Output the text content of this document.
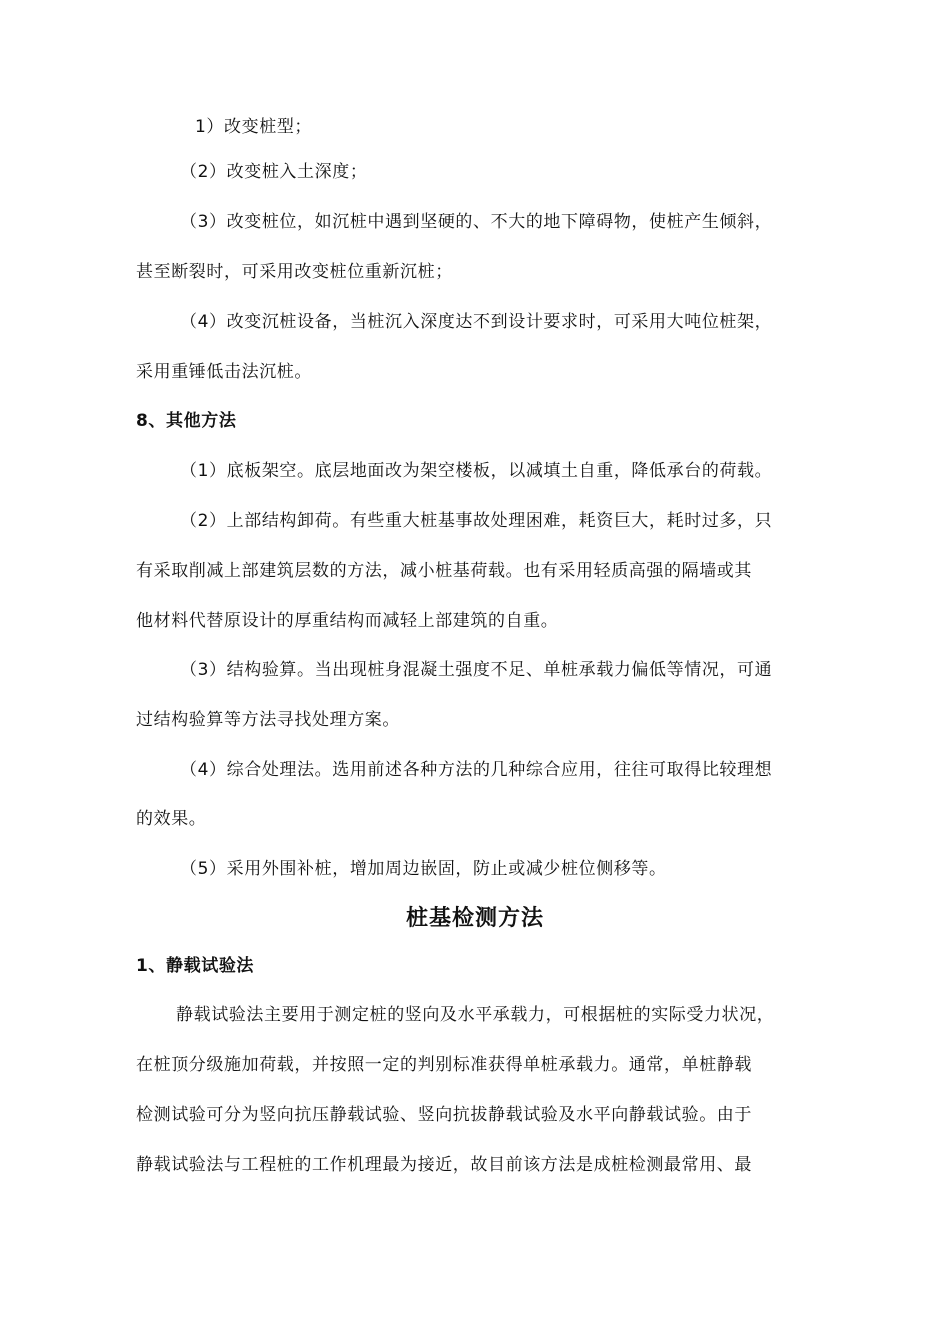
1）改变桩型；
（2）改变桩入土深度；
（3）改变桩位，如沉桩中遇到坚硬的、不大的地下障碍物，使桩产生倾斜，
甚至断裂时，可采用改变桩位重新沉桩；
（4）改变沉桩设备，当桩沉入深度达不到设计要求时，可采用大吨位桩架，
采用重锤低击法沉桩。
8、其他方法
（1）底板架空。底层地面改为架空楼板，以减填土自重，降低承台的荷载。
（2）上部结构卸荷。有些重大桩基事故处理困难，耗资巨大，耗时过多，只
有采取削减上部建筑层数的方法，减小桩基荷载。也有采用轻质高强的隔墙或其
他材料代替原设计的厚重结构而减轻上部建筑的自重。
（3）结构验算。当出现桩身混凝土强度不足、单桩承载力偏低等情况，可通
过结构验算等方法寻找处理方案。
（4）综合处理法。选用前述各种方法的几种综合应用，往往可取得比较理想
的效果。
（5）采用外围补桩，增加周边嵌固，防止或减少桩位侧移等。
桩基检测方法
1、静载试验法
静载试验法主要用于测定桩的竖向及水平承载力，可根据桩的实际受力状况，
在桩顶分级施加荷载，并按照一定的判别标准获得单桩承载力。通常，单桩静载
检测试验可分为竖向抗压静载试验、竖向抗拔静载试验及水平向静载试验。由于
静载试验法与工程桩的工作机理最为接近，故目前该方法是成桩检测最常用、最
